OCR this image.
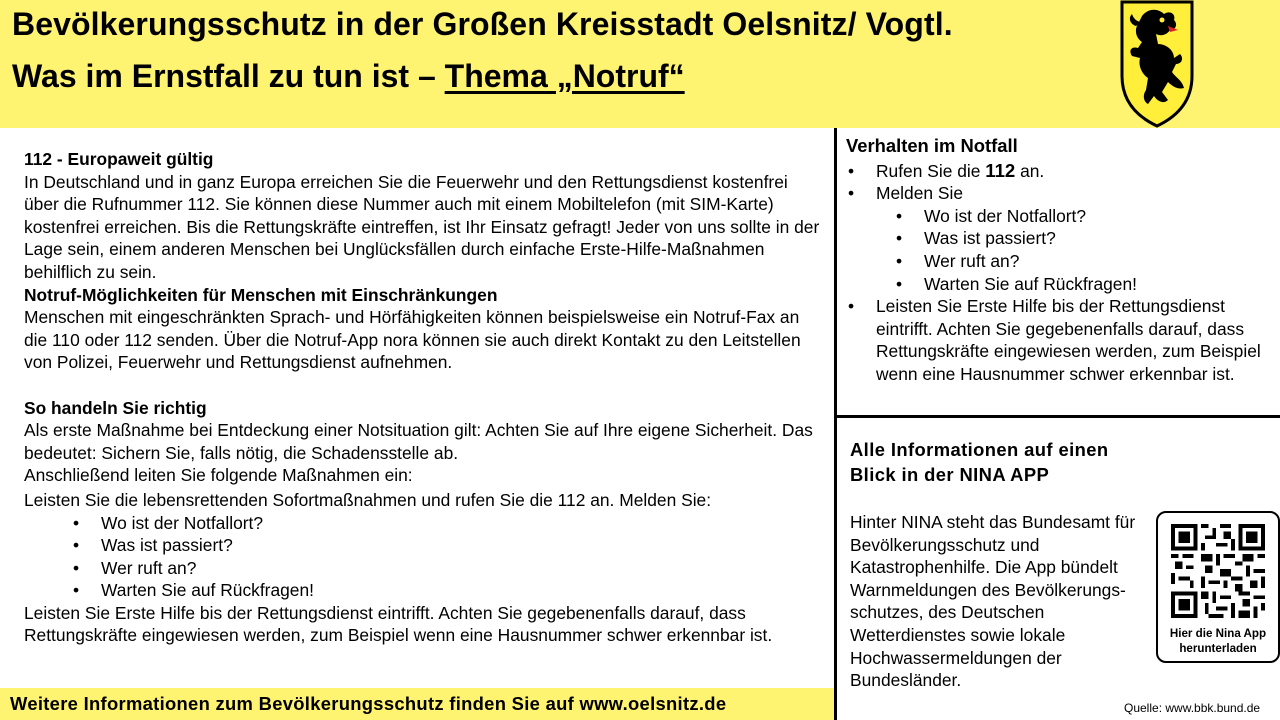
Bevölkerungsschutz in der Großen Kreisstadt Oelsnitz/ Vogtl.
Was im Ernstfall zu tun ist – Thema „Notruf“

112 - Europaweit gültig

In Deutschland und in ganz Europa erreichen Sie die Feuerwehr und den Rettungsdienst kostenfrei über die Rufnummer 112. Sie können diese Nummer auch mit einem Mobiltelefon (mit SIM-Karte) kostenfrei erreichen. Bis die Rettungskräfte eintreffen, ist Ihr Einsatz gefragt! Jeder von uns sollte in der Lage sein, einem anderen Menschen bei Unglücksfällen durch einfache Erste-Hilfe-Maßnahmen behilflich zu sein.

Notruf-Möglichkeiten für Menschen mit Einschränkungen

Menschen mit eingeschränkten Sprach- und Hörfähigkeiten können beispielsweise ein Notruf-Fax an die 110 oder 112 senden. Über die Notruf-App nora können sie auch direkt Kontakt zu den Leitstellen von Polizei, Feuerwehr und Rettungsdienst aufnehmen.

So handeln Sie richtig

Als erste Maßnahme bei Entdeckung einer Notsituation gilt: Achten Sie auf Ihre eigene Sicherheit. Das bedeutet: Sichern Sie, falls nötig, die Schadensstelle ab.

Anschließend leiten Sie folgende Maßnahmen ein:

Leisten Sie die lebensrettenden Sofortmaßnahmen und rufen Sie die 112 an. Melden Sie:

• Wo ist der Notfallort?
• Was ist passiert?
• Wer ruft an?
• Warten Sie auf Rückfragen!

Leisten Sie Erste Hilfe bis der Rettungsdienst eintrifft. Achten Sie gegebenenfalls darauf, dass Rettungskräfte eingewiesen werden, zum Beispiel wenn eine Hausnummer schwer erkennbar ist.

Verhalten im Notfall
• Rufen Sie die 112 an.
• Melden Sie
• Wo ist der Notfallort?
• Was ist passiert?
• Wer ruft an?
• Warten Sie auf Rückfragen!
• Leisten Sie Erste Hilfe bis der Rettungsdienst eintrifft. Achten Sie gegebenenfalls darauf, dass Rettungskräfte eingewiesen werden, zum Beispiel wenn eine Hausnummer schwer erkennbar ist.
Alle Informationen auf einen
Blick in der NINA APP
Hinter NINA steht das Bundesamt für Bevölkerungsschutz und Katastrophenhilfe. Die App bündelt Warnmeldungen des Bevölkerungs-schutzes, des Deutschen Wetterdienstes sowie lokale Hochwassermeldungen der Bundesländer.
Hier die Nina App
herunterladen
Quelle: www.bbk.bund.de
Weitere Informationen zum Bevölkerungsschutz finden Sie auf www.oelsnitz.de
